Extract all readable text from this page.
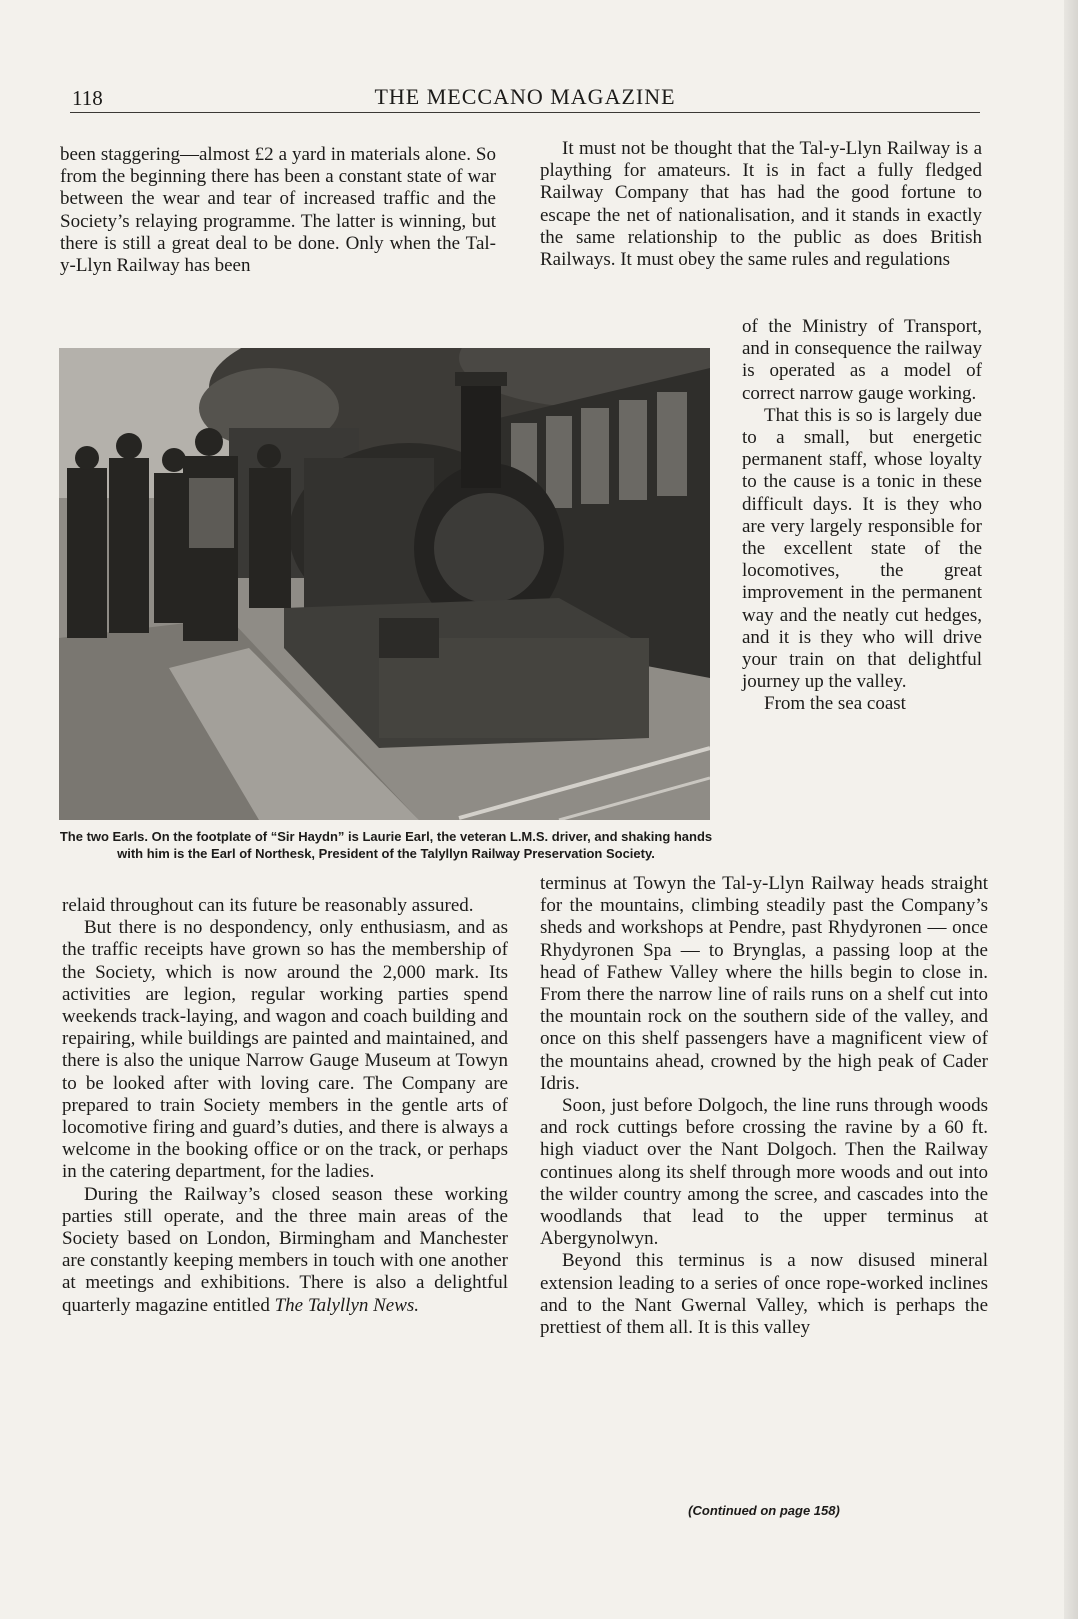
118	THE MECCANO MAGAZINE

been staggering—almost £2 a yard in materials alone. So from the beginning there has been a constant state of war between the wear and tear of increased traffic and the Society’s relaying programme. The latter is winning, but there is still a great deal to be done. Only when the Tal-y-Llyn Railway has been

It must not be thought that the Tal-y-Llyn Railway is a plaything for amateurs. It is in fact a fully fledged Railway Company that has had the good fortune to escape the net of nationalisation, and it stands in exactly the same relationship to the public as does British Railways. It must obey the same rules and regulations

The two Earls. On the footplate of “Sir Haydn” is Laurie Earl, the veteran L.M.S. driver, and shaking hands with him is the Earl of Northesk, President of the Talyllyn Railway Preservation Society.

of the Ministry of Transport, and in consequence the railway is operated as a model of correct narrow gauge working.

That this is so is largely due to a small, but energetic permanent staff, whose loyalty to the cause is a tonic in these difficult days. It is they who are very largely responsible for the excellent state of the locomotives, the great improvement in the permanent way and the neatly cut hedges, and it is they who will drive your train on that delightful journey up the valley.

From the sea coast

relaid throughout can its future be reasonably assured.

But there is no despondency, only enthusiasm, and as the traffic receipts have grown so has the membership of the Society, which is now around the 2,000 mark. Its activities are legion, regular working parties spend weekends track-laying, and wagon and coach building and repairing, while buildings are painted and maintained, and there is also the unique Narrow Gauge Museum at Towyn to be looked after with loving care. The Company are prepared to train Society members in the gentle arts of locomotive firing and guard’s duties, and there is always a welcome in the booking office or on the track, or perhaps in the catering department, for the ladies.

During the Railway’s closed season these working parties still operate, and the three main areas of the Society based on London, Birmingham and Manchester are constantly keeping members in touch with one another at meetings and exhibitions. There is also a delightful quarterly magazine entitled The Talyllyn News.

terminus at Towyn the Tal-y-Llyn Railway heads straight for the mountains, climbing steadily past the Company’s sheds and workshops at Pendre, past Rhydyronen — once Rhydyronen Spa — to Brynglas, a passing loop at the head of Fathew Valley where the hills begin to close in. From there the narrow line of rails runs on a shelf cut into the mountain rock on the southern side of the valley, and once on this shelf passengers have a magnificent view of the mountains ahead, crowned by the high peak of Cader Idris.

Soon, just before Dolgoch, the line runs through woods and rock cuttings before crossing the ravine by a 60 ft. high viaduct over the Nant Dolgoch. Then the Railway continues along its shelf through more woods and out into the wilder country among the scree, and cascades into the woodlands that lead to the upper terminus at Abergynolwyn.

Beyond this terminus is a now disused mineral extension leading to a series of once rope-worked inclines and to the Nant Gwernal Valley, which is perhaps the prettiest of them all. It is this valley

(Continued on page 158)
